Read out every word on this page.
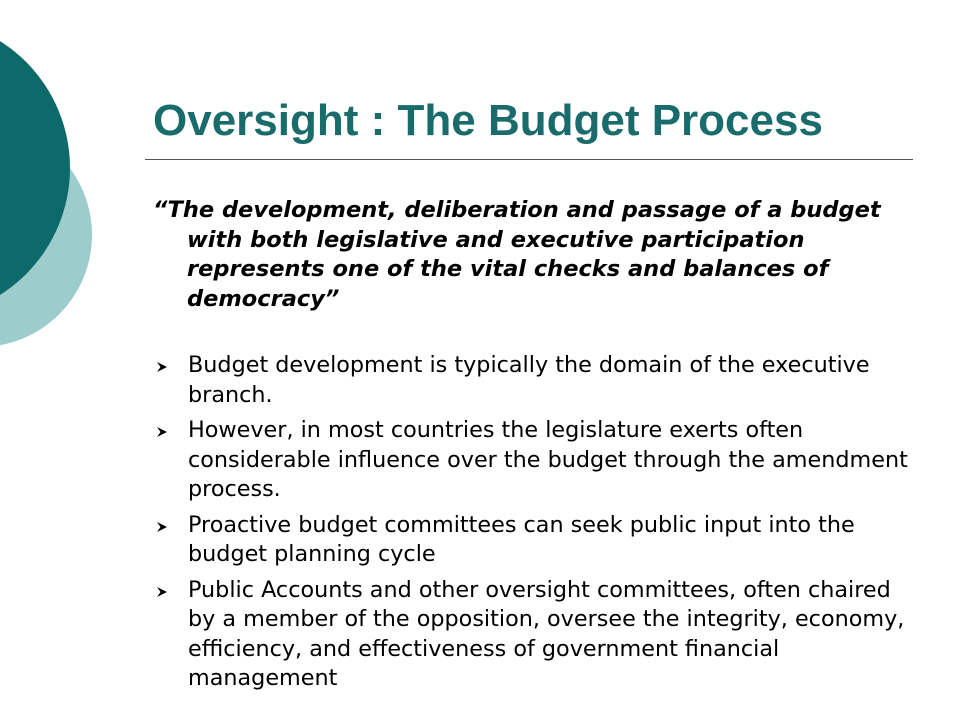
Oversight : The Budget Process

“The development, deliberation and passage of a budget with both legislative and executive participation represents one of the vital checks and balances of democracy”

Budget development is typically the domain of the executive branch.
However, in most countries the legislature exerts often considerable influence over the budget through the amendment process.
Proactive budget committees can seek public input into the budget planning cycle
Public Accounts and other oversight committees, often chaired by a member of the opposition, oversee the integrity, economy, efficiency, and effectiveness of government financial management
